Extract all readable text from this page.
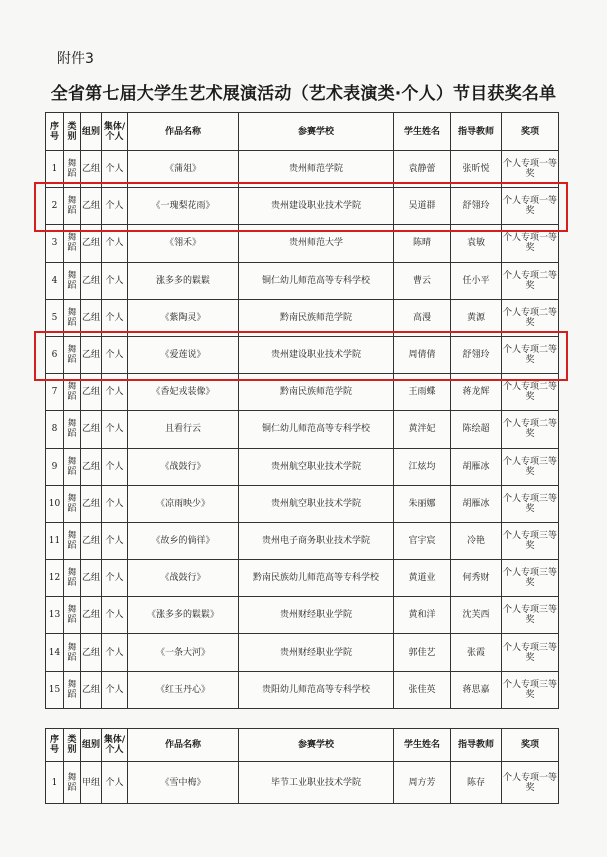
附件3
全省第七届大学生艺术展演活动（艺术表演类·个人）节目获奖名单
序号	类别	组别	集体/个人	作品名称	参赛学校	学生姓名	指导教师	奖项
1	舞蹈	乙组	个人	《蒲俎》	贵州师范学院	袁静蕾	张昕悦	个人专项一等奖
2	舞蹈	乙组	个人	《一瑰梨花雨》	贵州建设职业技术学院	吴道群	舒翎玲	个人专项一等奖
3	舞蹈	乙组	个人	《翎禾》	贵州师范大学	陈晴	袁敏	个人专项一等奖
4	舞蹈	乙组	个人	涨多多的鬏鬏	铜仁幼儿师范高等专科学校	曹云	任小平	个人专项二等奖
5	舞蹈	乙组	个人	《紫陶灵》	黔南民族师范学院	高漫	黄源	个人专项二等奖
6	舞蹈	乙组	个人	《爱莲说》	贵州建设职业技术学院	周倩倩	舒翎玲	个人专项二等奖
7	舞蹈	乙组	个人	《香妃戎装像》	黔南民族师范学院	王雨蝶	蒋龙辉	个人专项二等奖
8	舞蹈	乙组	个人	且看行云	铜仁幼儿师范高等专科学校	黄泮妃	陈绘超	个人专项二等奖
9	舞蹈	乙组	个人	《战鼓行》	贵州航空职业技术学院	江炫均	胡雁冰	个人专项三等奖
10	舞蹈	乙组	个人	《凉雨映少》	贵州航空职业技术学院	朱丽娜	胡雁冰	个人专项三等奖
11	舞蹈	乙组	个人	《故乡的倘徉》	贵州电子商务职业技术学院	官宇宸	冷艳	个人专项三等奖
12	舞蹈	乙组	个人	《战鼓行》	黔南民族幼儿师范高等专科学校	黄道业	何秀财	个人专项三等奖
13	舞蹈	乙组	个人	《涨多多的鬏鬏》	贵州财经职业学院	黄和洋	沈芙西	个人专项三等奖
14	舞蹈	乙组	个人	《一条大河》	贵州财经职业学院	郭佳艺	张霞	个人专项三等奖
15	舞蹈	乙组	个人	《红玉丹心》	贵阳幼儿师范高等专科学校	张佳英	蒋思嘉	个人专项三等奖
序号	类别	组别	集体/个人	作品名称	参赛学校	学生姓名	指导教师	奖项
1	舞蹈	甲组	个人	《雪中梅》	毕节工业职业技术学院	周方芳	陈存	个人专项一等奖
